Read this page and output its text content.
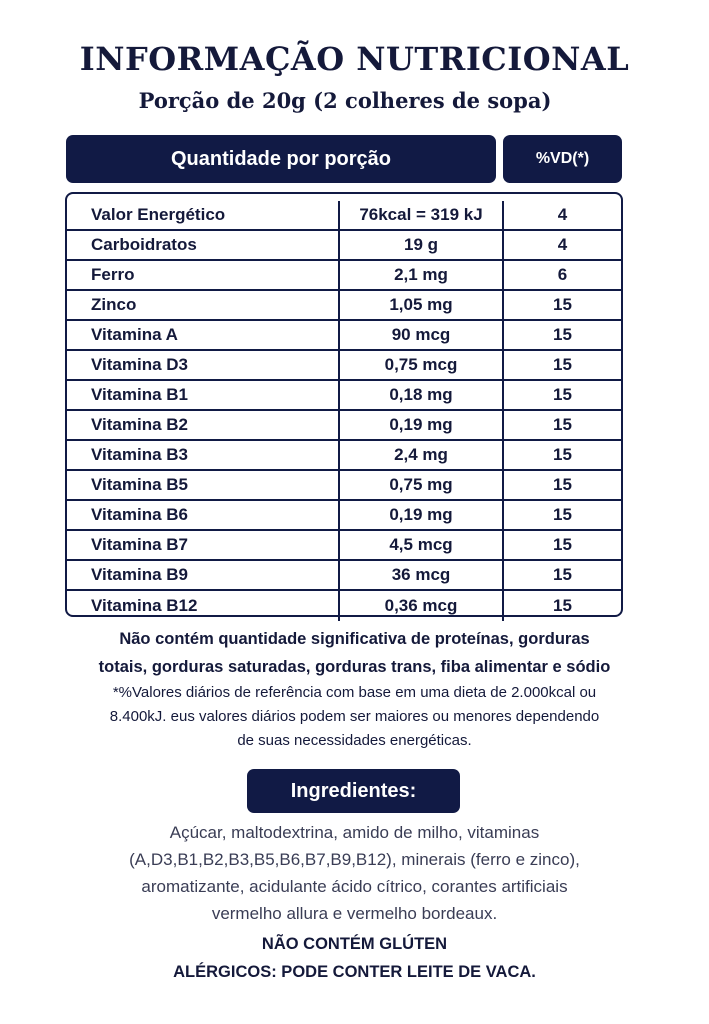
INFORMAÇÃO NUTRICIONAL
Porção de 20g (2 colheres de sopa)
Quantidade por porção	%VD(*)
Valor Energético	76kcal = 319 kJ	4
Carboidratos	19 g	4
Ferro	2,1 mg	6
Zinco	1,05 mg	15
Vitamina A	90 mcg	15
Vitamina D3	0,75 mcg	15
Vitamina B1	0,18 mg	15
Vitamina B2	0,19 mg	15
Vitamina B3	2,4 mg	15
Vitamina B5	0,75 mg	15
Vitamina B6	0,19 mg	15
Vitamina B7	4,5 mcg	15
Vitamina B9	36 mcg	15
Vitamina B12	0,36 mcg	15
Não contém quantidade significativa de proteínas, gorduras
totais, gorduras saturadas, gorduras trans, fiba alimentar e sódio
*%Valores diários de referência com base em uma dieta de 2.000kcal ou
8.400kJ. eus valores diários podem ser maiores ou menores dependendo
de suas necessidades energéticas.
Ingredientes:
Açúcar, maltodextrina, amido de milho, vitaminas
(A,D3,B1,B2,B3,B5,B6,B7,B9,B12), minerais (ferro e zinco),
aromatizante, acidulante ácido cítrico, corantes artificiais
vermelho allura e vermelho bordeaux.
NÃO CONTÉM GLÚTEN
ALÉRGICOS: PODE CONTER LEITE DE VACA.
